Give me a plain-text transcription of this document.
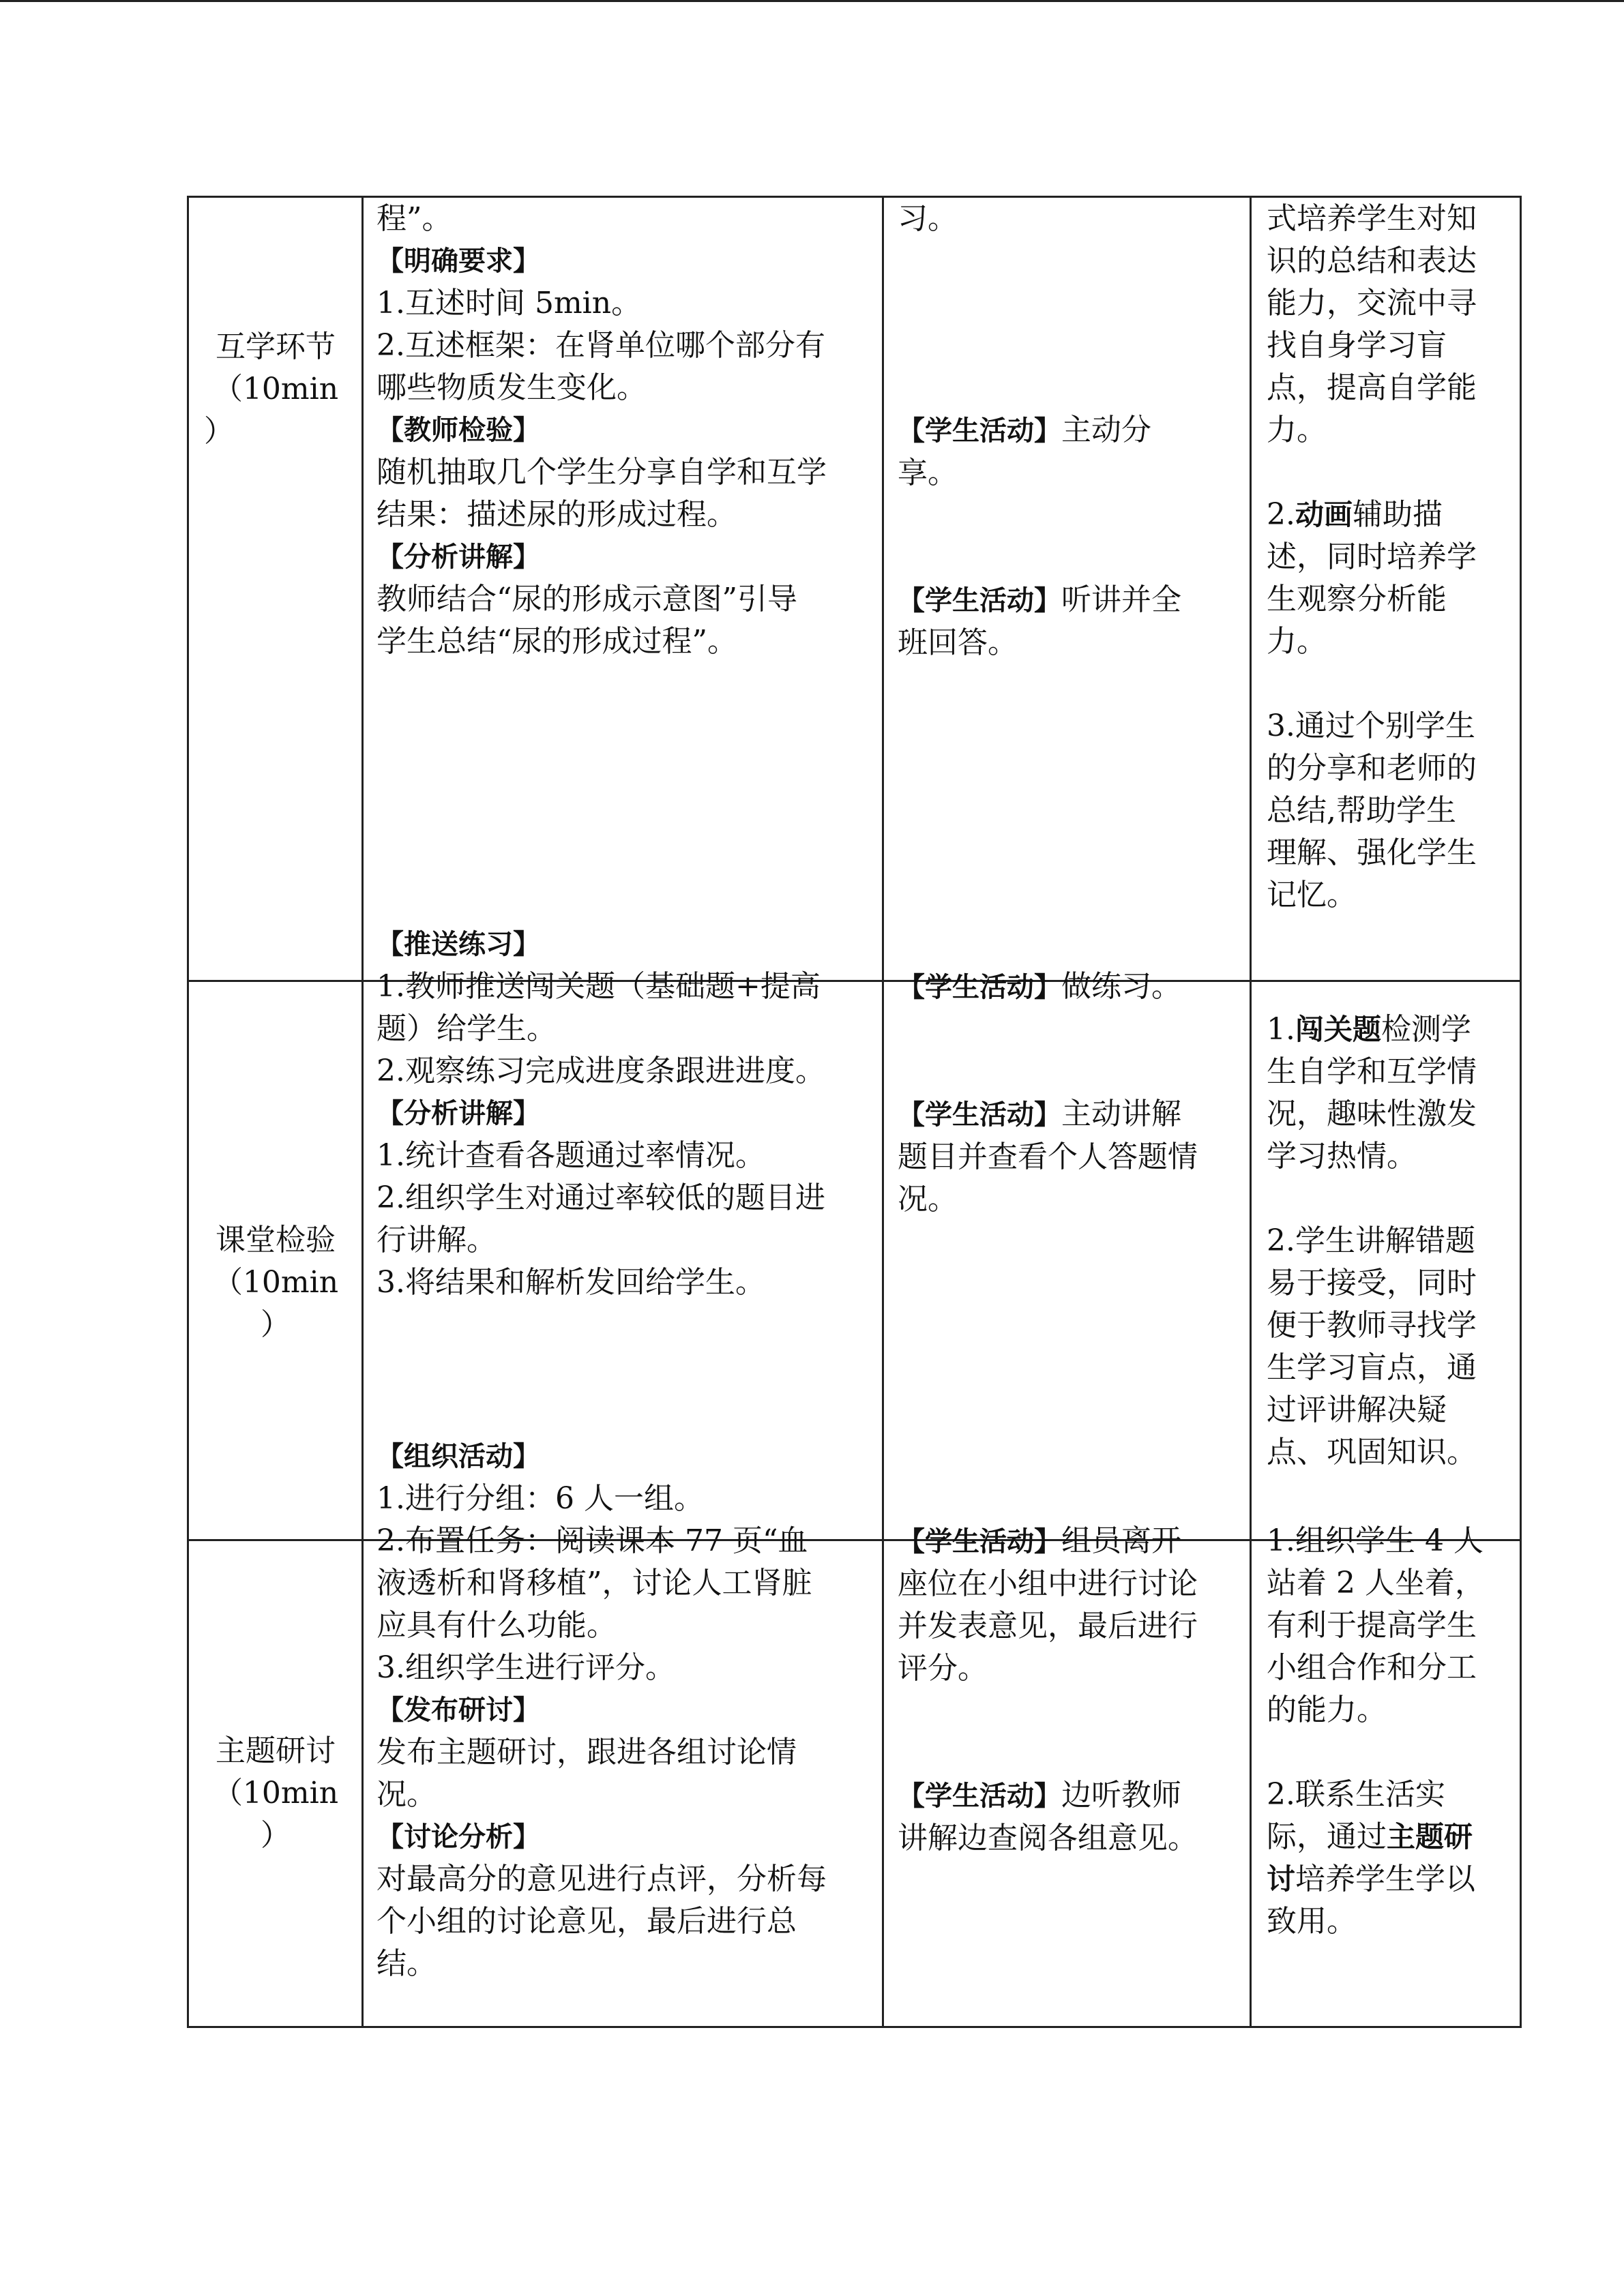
互学环节

（10min

）

课堂检验

（10min

）

主题研讨

（10min

）

程”。

【明确要求】

1.互述时间 5min。

2.互述框架：在肾单位哪个部分有

哪些物质发生变化。

【教师检验】

随机抽取几个学生分享自学和互学

结果：描述尿的形成过程。

【分析讲解】

教师结合“尿的形成示意图”引导

学生总结“尿的形成过程”。

习。

【学生活动】主动分

享。

【学生活动】听讲并全

班回答。

式培养学生对知

识的总结和表达

能力，交流中寻

找自身学习盲

点，提高自学能

力。

2.动画辅助描

述，同时培养学

生观察分析能

力。

3.通过个别学生

的分享和老师的

总结,帮助学生

理解、强化学生

记忆。

【推送练习】

1.教师推送闯关题（基础题+提高

题）给学生。

2.观察练习完成进度条跟进进度。

【分析讲解】

1.统计查看各题通过率情况。

2.组织学生对通过率较低的题目进

行讲解。

3.将结果和解析发回给学生。

【学生活动】做练习。

【学生活动】主动讲解

题目并查看个人答题情

况。

1.闯关题检测学

生自学和互学情

况，趣味性激发

学习热情。

2.学生讲解错题

易于接受，同时

便于教师寻找学

生学习盲点，通

过评讲解决疑

点、巩固知识。

【组织活动】

1.进行分组：6 人一组。

2.布置任务：阅读课本 77 页“血

液透析和肾移植”，讨论人工肾脏

应具有什么功能。

3.组织学生进行评分。

【发布研讨】

发布主题研讨，跟进各组讨论情

况。

【讨论分析】

对最高分的意见进行点评，分析每

个小组的讨论意见，最后进行总

结。

【学生活动】组员离开

座位在小组中进行讨论

并发表意见，最后进行

评分。

【学生活动】边听教师

讲解边查阅各组意见。

1.组织学生 4 人

站着 2 人坐着，

有利于提高学生

小组合作和分工

的能力。

2.联系生活实

际，通过主题研

讨培养学生学以

致用。
